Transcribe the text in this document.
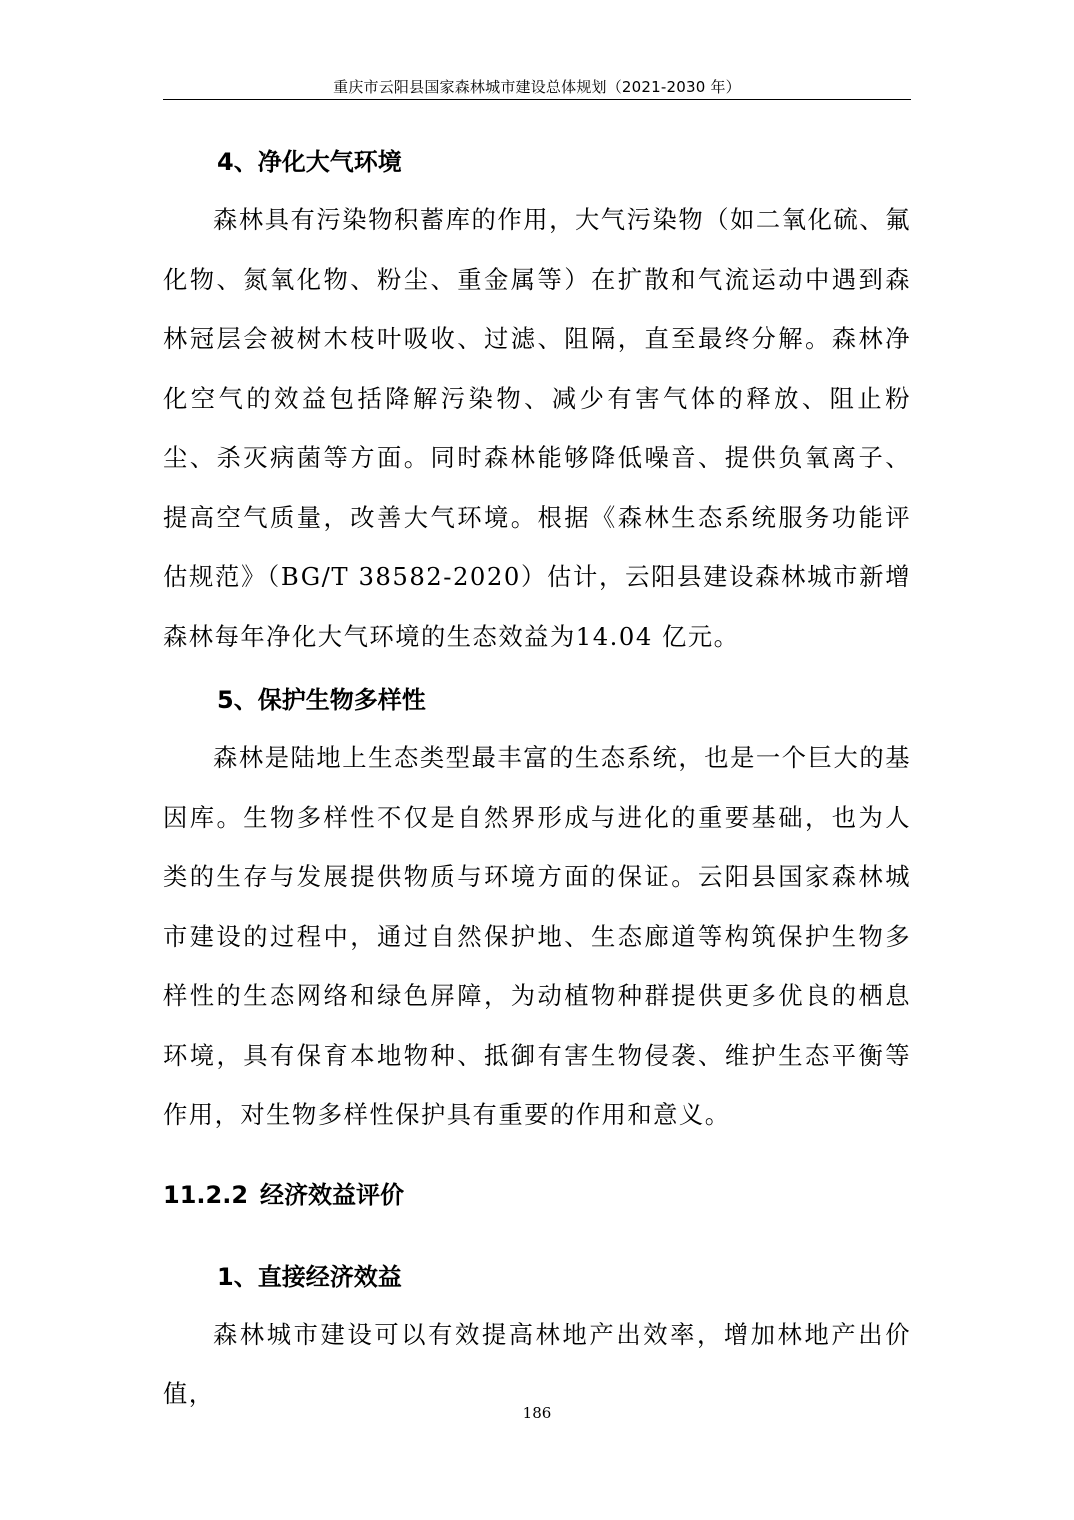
重庆市云阳县国家森林城市建设总体规划（2021-2030 年）
4、净化大气环境

森林具有污染物积蓄库的作用，大气污染物（如二氧化硫、氟化物、氮氧化物、粉尘、重金属等）在扩散和气流运动中遇到森林冠层会被树木枝叶吸收、过滤、阻隔，直至最终分解。森林净化空气的效益包括降解污染物、减少有害气体的释放、阻止粉尘、杀灭病菌等方面。同时森林能够降低噪音、提供负氧离子、提高空气质量，改善大气环境。根据《森林生态系统服务功能评估规范》（BG/T 38582-2020）估计，云阳县建设森林城市新增森林每年净化大气环境的生态效益为14.04 亿元。

5、保护生物多样性

森林是陆地上生态类型最丰富的生态系统，也是一个巨大的基因库。生物多样性不仅是自然界形成与进化的重要基础，也为人类的生存与发展提供物质与环境方面的保证。云阳县国家森林城市建设的过程中，通过自然保护地、生态廊道等构筑保护生物多样性的生态网络和绿色屏障，为动植物种群提供更多优良的栖息环境，具有保育本地物种、抵御有害生物侵袭、维护生态平衡等作用，对生物多样性保护具有重要的作用和意义。

11.2.2 经济效益评价
1、直接经济效益

森林城市建设可以有效提高林地产出效率，增加林地产出价值，

186
